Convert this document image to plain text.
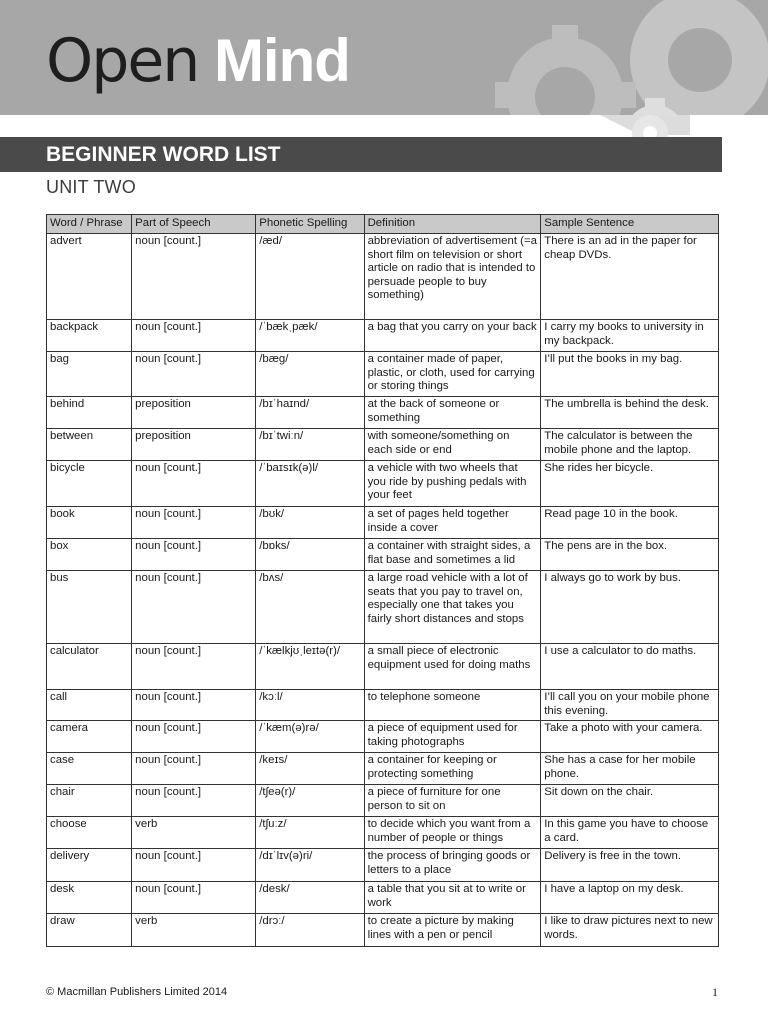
Open Mind
BEGINNER WORD LIST
UNIT TWO
Word / Phrase	Part of Speech	Phonetic Spelling	Definition	Sample Sentence
advert	noun [count.]	/æd/	abbreviation of advertisement (=a short film on television or short article on radio that is intended to persuade people to buy something)	There is an ad in the paper for cheap DVDs.
backpack	noun [count.]	/ˈbækˌpæk/	a bag that you carry on your back	I carry my books to university in my backpack.
bag	noun [count.]	/bæg/	a container made of paper, plastic, or cloth, used for carrying or storing things	I’ll put the books in my bag.
behind	preposition	/bɪˈhaɪnd/	at the back of someone or something	The umbrella is behind the desk.
between	preposition	/bɪˈtwiːn/	with someone/something on each side or end	The calculator is between the mobile phone and the laptop.
bicycle	noun [count.]	/ˈbaɪsɪk(ə)l/	a vehicle with two wheels that you ride by pushing pedals with your feet	She rides her bicycle.
book	noun [count.]	/bʊk/	a set of pages held together inside a cover	Read page 10 in the book.
box	noun [count.]	/bɒks/	a container with straight sides, a flat base and sometimes a lid	The pens are in the box.
bus	noun [count.]	/bʌs/	a large road vehicle with a lot of seats that you pay to travel on, especially one that takes you fairly short distances and stops	I always go to work by bus.
calculator	noun [count.]	/ˈkælkjʊˌleɪtə(r)/	a small piece of electronic equipment used for doing maths	I use a calculator to do maths.
call	noun [count.]	/kɔːl/	to telephone someone	I’ll call you on your mobile phone this evening.
camera	noun [count.]	/ˈkæm(ə)rə/	a piece of equipment used for taking photographs	Take a photo with your camera.
case	noun [count.]	/keɪs/	a container for keeping or protecting something	She has a case for her mobile phone.
chair	noun [count.]	/tʃeə(r)/	a piece of furniture for one person to sit on	Sit down on the chair.
choose	verb	/tʃuːz/	to decide which you want from a number of people or things	In this game you have to choose a card.
delivery	noun [count.]	/dɪˈlɪv(ə)ri/	the process of bringing goods or letters to a place	Delivery is free in the town.
desk	noun [count.]	/desk/	a table that you sit at to write or work	I have a laptop on my desk.
draw	verb	/drɔː/	to create a picture by making lines with a pen or pencil	I like to draw pictures next to new words.
© Macmillan Publishers Limited 2014	1
